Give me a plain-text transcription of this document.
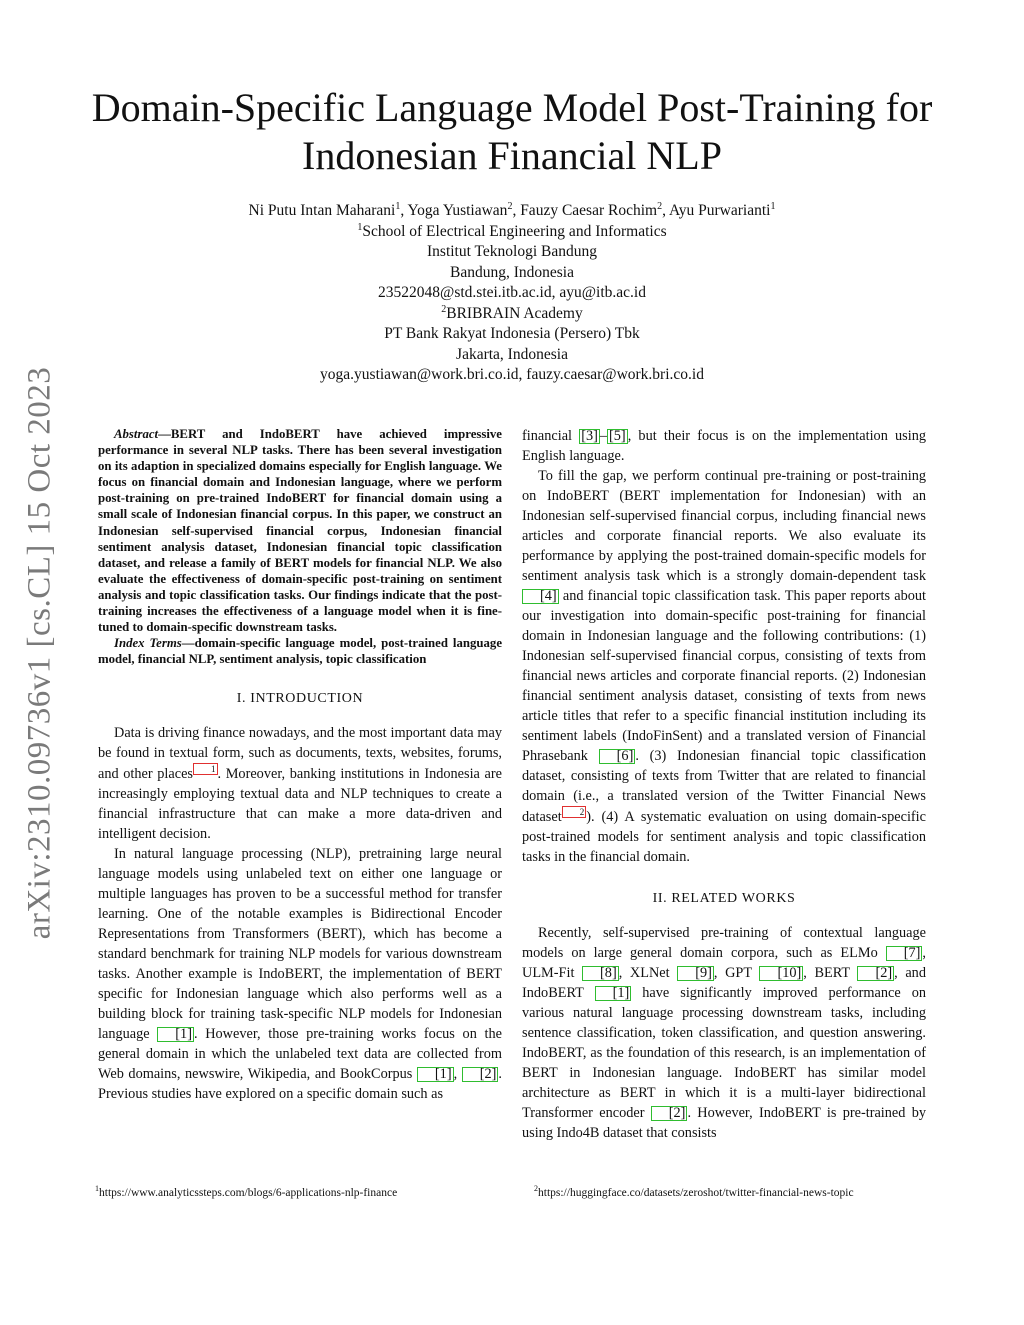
arXiv:2310.09736v1 [cs.CL] 15 Oct 2023
Domain-Specific Language Model Post-Training for
Indonesian Financial NLP
Ni Putu Intan Maharani$^1$, Yoga Yustiawan$^2$, Fauzy Caesar Rochim$^2$, Ayu Purwarianti$^1$
$^1$School of Electrical Engineering and Informatics
Institut Teknologi Bandung
Bandung, Indonesia
23522048@std.stei.itb.ac.id, ayu@itb.ac.id
$^2$BRIBRAIN Academy
PT Bank Rakyat Indonesia (Persero) Tbk
Jakarta, Indonesia
yoga.yustiawan@work.bri.co.id, fauzy.caesar@work.bri.co.id

Abstract—BERT and IndoBERT have achieved impressive performance in several NLP tasks. There has been several investigation on its adaption in specialized domains especially for English language. We focus on financial domain and Indonesian language, where we perform post-training on pre-trained IndoBERT for financial domain using a small scale of Indonesian financial corpus. In this paper, we construct an Indonesian self-supervised financial corpus, Indonesian financial sentiment analysis dataset, Indonesian financial topic classification dataset, and release a family of BERT models for financial NLP. We also evaluate the effectiveness of domain-specific post-training on sentiment analysis and topic classification tasks. Our findings indicate that the post-training increases the effectiveness of a language model when it is fine-tuned to domain-specific downstream tasks.

Index Terms—domain-specific language model, post-trained language model, financial NLP, sentiment analysis, topic classification

I. INTRODUCTION

Data is driving finance nowadays, and the most important data may be found in textual form, such as documents, texts, websites, forums, and other places 1 . Moreover, banking institutions in Indonesia are increasingly employing textual data and NLP techniques to create a financial infrastructure that can make a more data-driven and intelligent decision.

In natural language processing (NLP), pretraining large neural language models using unlabeled text on either one language or multiple languages has proven to be a successful method for transfer learning. One of the notable examples is Bidirectional Encoder Representations from Transformers (BERT), which has become a standard benchmark for training NLP models for various downstream tasks. Another example is IndoBERT, the implementation of BERT specific for Indonesian language which also performs well as a building block for training task-specific NLP models for Indonesian language [1] . However, those pre-training works focus on the general domain in which the unlabeled text data are collected from Web domains, newswire, Wikipedia, and BookCorpus [1] , [2] . Previous studies have explored on a specific domain such as

financial [3] – [5] , but their focus is on the implementation using English language.

To fill the gap, we perform continual pre-training or post-training on IndoBERT (BERT implementation for Indonesian) with an Indonesian self-supervised financial corpus, including financial news articles and corporate financial reports. We also evaluate its performance by applying the post-trained domain-specific models for sentiment analysis task which is a strongly domain-dependent task [4] and financial topic classification task. This paper reports about our investigation into domain-specific post-training for financial domain in Indonesian language and the following contributions: (1) Indonesian self-supervised financial corpus, consisting of texts from financial news articles and corporate financial reports. (2) Indonesian financial sentiment analysis dataset, consisting of texts from news article titles that refer to a specific financial institution including its sentiment labels (IndoFinSent) and a translated version of Financial Phrasebank [6] . (3) Indonesian financial topic classification dataset, consisting of texts from Twitter that are related to financial domain (i.e., a translated version of the Twitter Financial News dataset 2 ). (4) A systematic evaluation on using domain-specific post-trained models for sentiment analysis and topic classification tasks in the financial domain.

II. RELATED WORKS

Recently, self-supervised pre-training of contextual language models on large general domain corpora, such as ELMo [7] , ULM-Fit [8] , XLNet [9] , GPT [10] , BERT [2] , and IndoBERT [1] have significantly improved performance on various natural language processing downstream tasks, including sentence classification, token classification, and question answering. IndoBERT, as the foundation of this research, is an implementation of BERT in Indonesian language. IndoBERT has similar model architecture as BERT in which it is a multi-layer bidirectional Transformer encoder [2] . However, IndoBERT is pre-trained by using Indo4B dataset that consists

$^1$https://www.analyticssteps.com/blogs/6-applications-nlp-finance	$^2$https://huggingface.co/datasets/zeroshot/twitter-financial-news-topic
